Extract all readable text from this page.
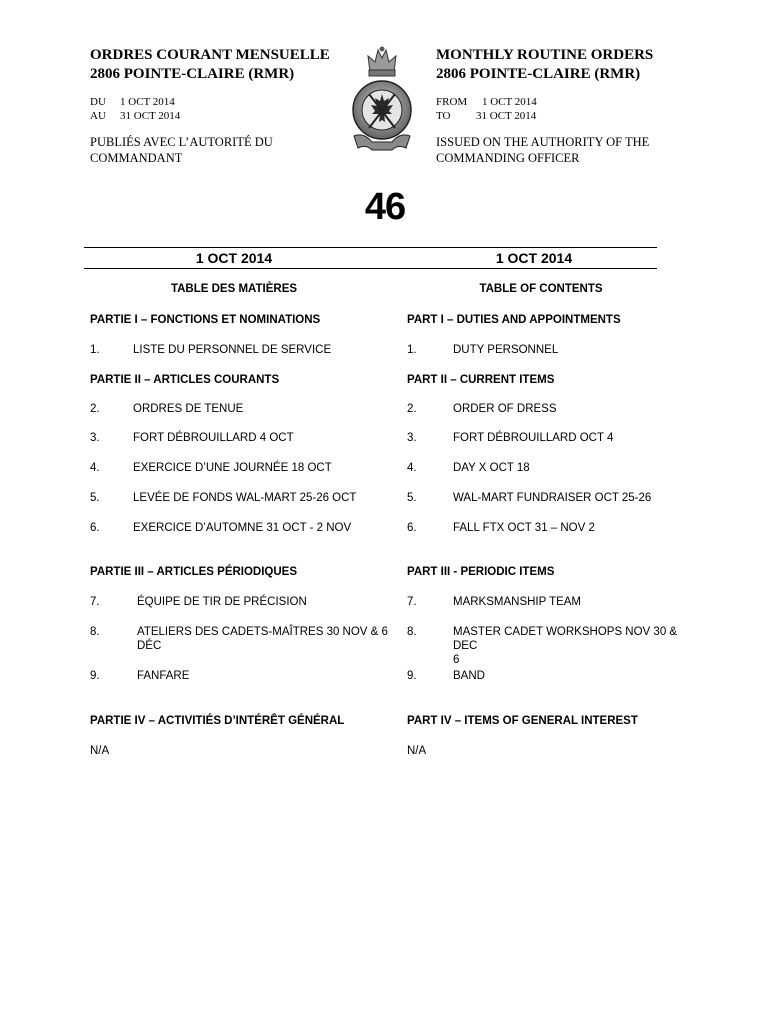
ORDRES COURANT MENSUELLE
2806 POINTE-CLAIRE (RMR)
DU 1 OCT 2014
AU 31 OCT 2014
PUBLIÉS AVEC L’AUTORITÉ DU
COMMANDANT
MONTHLY ROUTINE ORDERS
2806 POINTE-CLAIRE (RMR)
FROM 1 OCT 2014
TO 31 OCT 2014
ISSUED ON THE AUTHORITY OF THE
COMMANDING OFFICER
46
1 OCT 2014	1 OCT 2014
TABLE DES MATIÈRES	TABLE OF CONTENTS
PARTIE I – FONCTIONS ET NOMINATIONS
1.	LISTE DU PERSONNEL DE SERVICE
PARTIE II – ARTICLES COURANTS
2.	ORDRES DE TENUE
3.	FORT DÉBROUILLARD 4 OCT
4.	EXERCICE D’UNE JOURNÉE 18 OCT
5.	LEVÉE DE FONDS WAL-MART 25-26 OCT
6.	EXERCICE D’AUTOMNE 31 OCT - 2 NOV
PARTIE III – ARTICLES PÉRIODIQUES
7.	ÉQUIPE DE TIR DE PRÉCISION
8.	ATELIERS DES CADETS-MAÎTRES 30 NOV & 6
DÉC
9.	FANFARE
PARTIE IV – ACTIVITIÉS D’INTÉRÊT GÉNÉRAL
N/A
PART I – DUTIES AND APPOINTMENTS
1.	DUTY PERSONNEL
PART II – CURRENT ITEMS
2.	ORDER OF DRESS
3.	FORT DÉBROUILLARD OCT 4
4.	DAY X OCT 18
5.	WAL-MART FUNDRAISER OCT 25-26
6.	FALL FTX OCT 31 – NOV 2
PART III - PERIODIC ITEMS
7.	MARKSMANSHIP TEAM
8.	MASTER CADET WORKSHOPS NOV 30 &
DEC 6
9.	BAND
PART IV – ITEMS OF GENERAL INTEREST
N/A
